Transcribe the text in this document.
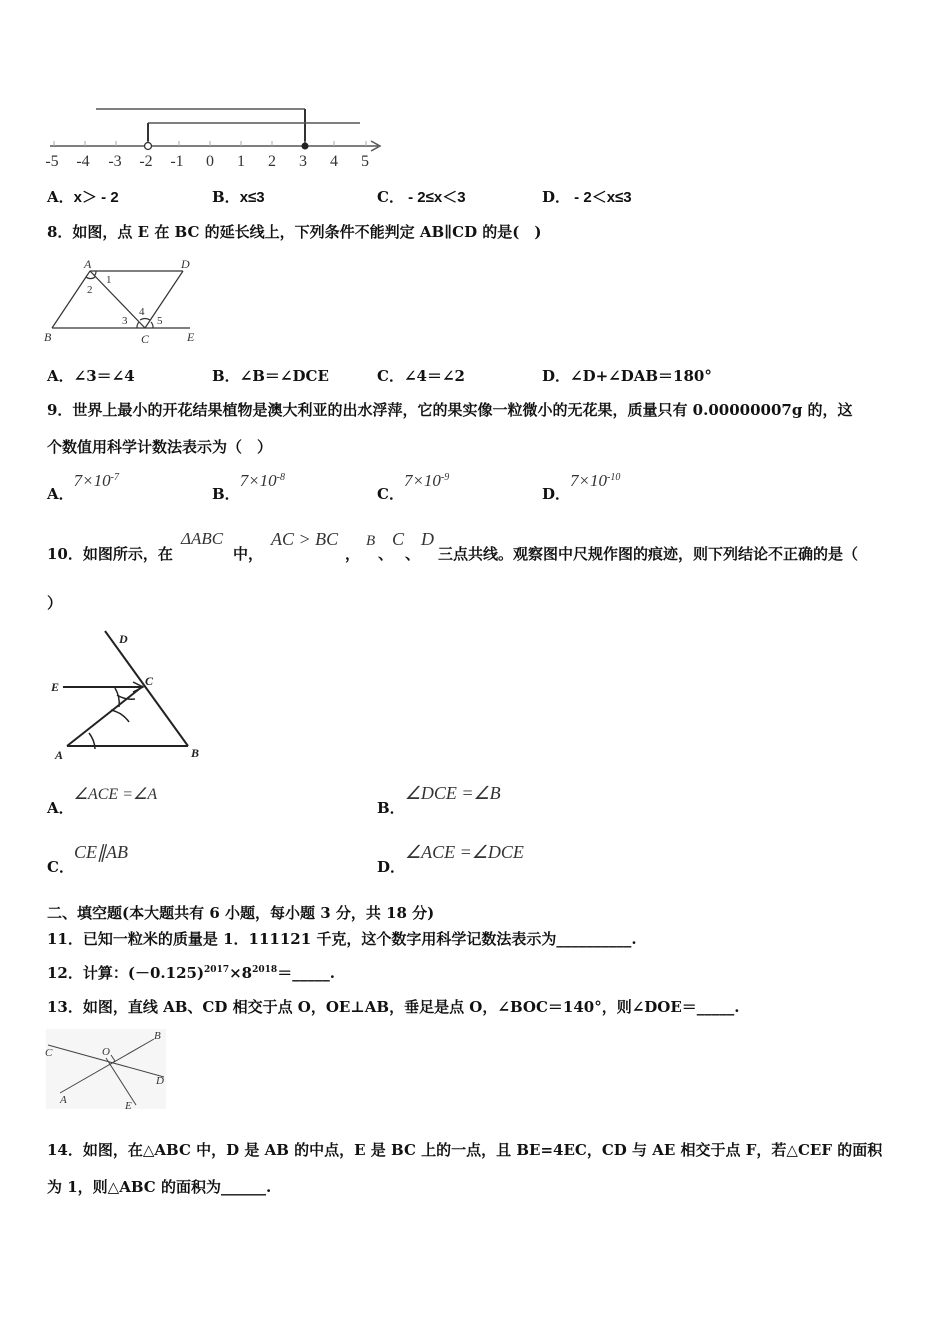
-5 -4 -3 -2 -1 0 1 2 3 4 5
A．x＞ - 2	B．x≤3	C． - 2≤x＜3	D． - 2＜x≤3
8．如图，点 E 在 BC 的延长线上，下列条件不能判定 AB∥CD 的是(　)
A	D
B	C	E
1
2
3
4
5
A．∠3＝∠4	B．∠B＝∠DCE	C．∠4＝∠2	D．∠D+∠DAB＝180°
9．世界上最小的开花结果植物是澳大利亚的出水浮萍，它的果实像一粒微小的无花果，质量只有 0.00000007g 的，这
个数值用科学计数法表示为（　）
A．$7\times 10^{-7}$
B．$7\times 10^{-8}$
C．$7\times 10^{-9}$
D．$7\times 10^{-10}$
10．如图所示，在
ΔABC
中，
AC > BC
，
B
、
C
、
D
三点共线。观察图中尺规作图的痕迹，则下列结论不正确的是（
）
D
E	C
A	B
A．∠ACE =∠A
B．∠DCE =∠B
C．CE∥AB
D．∠ACE =∠DCE
二、填空题(本大题共有 6 小题，每小题 3 分，共 18 分)
11．已知一粒米的质量是 1．111121 千克，这个数字用科学记数法表示为__________.
12．计算：$(-0.125)^{2017}\times 8^{2018}=\_\_\_\_\_$.
13．如图，直线 AB、CD 相交于点 O，OE⊥AB，垂足是点 O，∠BOC＝140°，则∠DOE＝_____.
B
C	O
D
A	E
14．如图，在△ABC 中，D 是 AB 的中点，E 是 BC 上的一点，且 BE=4EC，CD 与 AE 相交于点 F，若△CEF 的面积
为 1，则△ABC 的面积为______.
